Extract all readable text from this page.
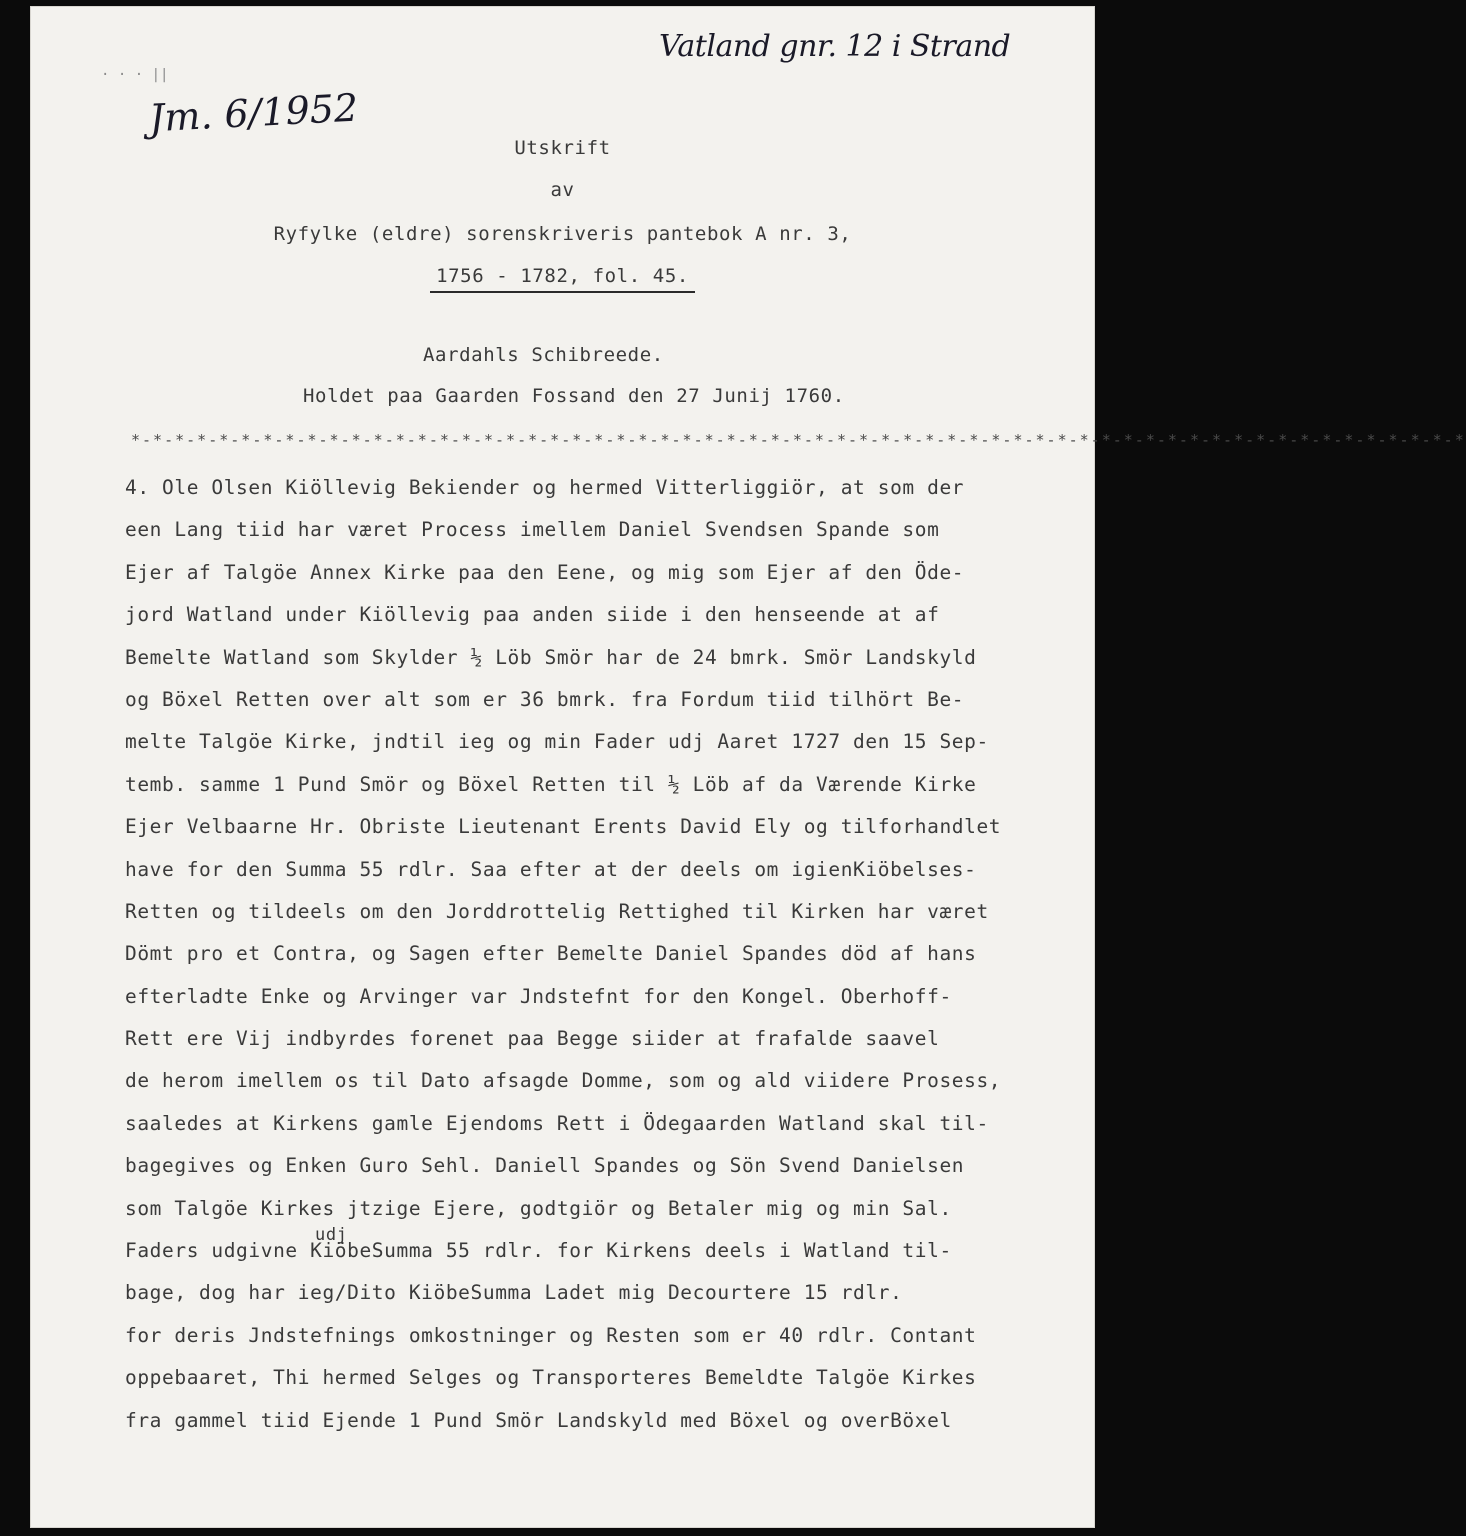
Vatland gnr. 12 i Strand
· · · ||
Jm. 6/1952
Utskrift
av
Ryfylke (eldre) sorenskriveris pantebok A nr. 3,
1756 - 1782, fol. 45.
Aardahls Schibreede.
Holdet paa Gaarden Fossand den 27 Junij 1760.
*-*-*-*-*-*-*-*-*-*-*-*-*-*-*-*-*-*-*-*-*-*-*-*-*-*-*-*-*-*-*-*-*-*-*-*-*-*-*-*-*-*-*-*-*-*-*-*-*-*-*-*-*-*-*-*-*-*-*-*-*
udj
4. Ole Olsen Kiöllevig Bekiender og hermed Vitterliggiör, at som der
een Lang tiid har været Process imellem Daniel Svendsen Spande som
Ejer af Talgöe Annex Kirke paa den Eene, og mig som Ejer af den Öde-
jord Watland under Kiöllevig paa anden siide i den henseende at af
Bemelte Watland som Skylder ½ Löb Smör har de 24 bmrk. Smör Landskyld
og Böxel Retten over alt som er 36 bmrk. fra Fordum tiid tilhört Be-
melte Talgöe Kirke, jndtil ieg og min Fader udj Aaret 1727 den 15 Sep-
temb. samme 1 Pund Smör og Böxel Retten til ½ Löb af da Værende Kirke
Ejer Velbaarne Hr. Obriste Lieutenant Erents David Ely og tilforhandlet
have for den Summa 55 rdlr. Saa efter at der deels om igienKiöbelses-
Retten og tildeels om den Jorddrottelig Rettighed til Kirken har været
Dömt pro et Contra, og Sagen efter Bemelte Daniel Spandes död af hans
efterladte Enke og Arvinger var Jndstefnt for den Kongel. Oberhoff-
Rett ere Vij indbyrdes forenet paa Begge siider at frafalde saavel
de herom imellem os til Dato afsagde Domme, som og ald viidere Prosess,
saaledes at Kirkens gamle Ejendoms Rett i Ödegaarden Watland skal til-
bagegives og Enken Guro Sehl. Daniell Spandes og Sön Svend Danielsen
som Talgöe Kirkes jtzige Ejere, godtgiör og Betaler mig og min Sal.
Faders udgivne KiöbeSumma 55 rdlr. for Kirkens deels i Watland til-
bage, dog har ieg/Dito KiöbeSumma Ladet mig Decourtere 15 rdlr.
for deris Jndstefnings omkostninger og Resten som er 40 rdlr. Contant
oppebaaret, Thi hermed Selges og Transporteres Bemeldte Talgöe Kirkes
fra gammel tiid Ejende 1 Pund Smör Landskyld med Böxel og overBöxel
